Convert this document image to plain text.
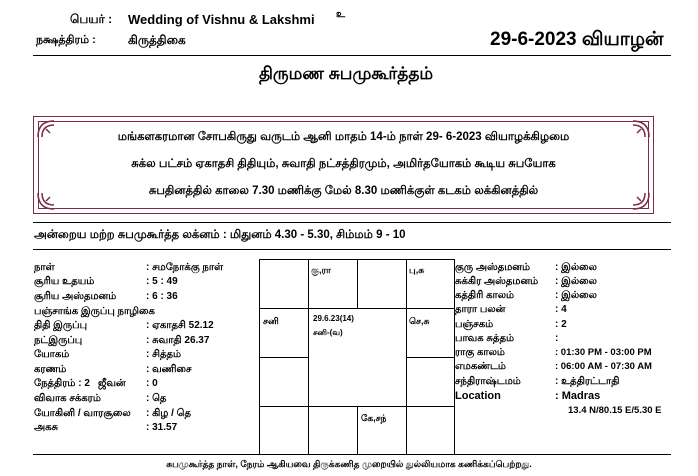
பெயர் : Wedding of Vishnu & Lakshmi உ
நக்ஷத்திரம் :	கிருத்திகை	29-6-2023 வியாழன்
திருமண சுபமுகூர்த்தம்
மங்களகரமான சோபகிருது வருடம் ஆனி மாதம் 14-ம் நாள் 29- 6-2023 வியாழக்கிழமை
சுக்ல பட்சம் ஏகாதசி திதியும், சுவாதி நட்சத்திரமும், அமிர்தயோகம் கூடிய சுபயோக
சுபதினத்தில் காலை 7.30 மணிக்கு மேல் 8.30 மணிக்குள் கடகம் லக்கினத்தில்
அன்றைய மற்ற சுபமுகூர்த்த லக்னம் : மிதுனம் 4.30 - 5.30, சிம்மம் 9 - 10
நாள்	: சமநோக்கு நாள்
சூரிய உதயம்	: 5 : 49
சூரிய அஸ்தமனம்	: 6 : 36
பஞ்சாங்க இருப்பு நாழிகை
திதி இருப்பு	: ஏகாதசி 52.12
நட்இருப்பு	: சுவாதி 26.37
யோகம்	: சித்தம்
கரணம்	: வணிசை
நேத்திரம் : 2 ஜீவன் : 0
விவாக சக்கரம்	: தெ
யோகினி / வாரசூலை : கிழ / தெ
அகசு	: 31.57
கு,ரா	பு,சு
சனி	29.6.23(14)
சனி-(வ)
செ,சு
கே,சந்
குரு அஸ்தமனம் : இல்லை
சுக்கிர அஸ்தமனம் : இல்லை
கத்திரி காலம்	: இல்லை
தாரா பலன்	: 4
பஞ்சகம்	: 2
பாவக சுத்தம்	:
ராகு காலம்	: 01:30 PM - 03:00 PM
எமகண்டம்	: 06:00 AM - 07:30 AM
சந்திராஷ்டமம்	: உத்திரட்டாதி
Location	: Madras
13.4 N/80.15 E/5.30 E
சுபமுகூர்த்த நாள், நேரம் ஆகியவை திருக்கணித முறையில் துல்லியமாக கணிக்கப்பெற்றது.
